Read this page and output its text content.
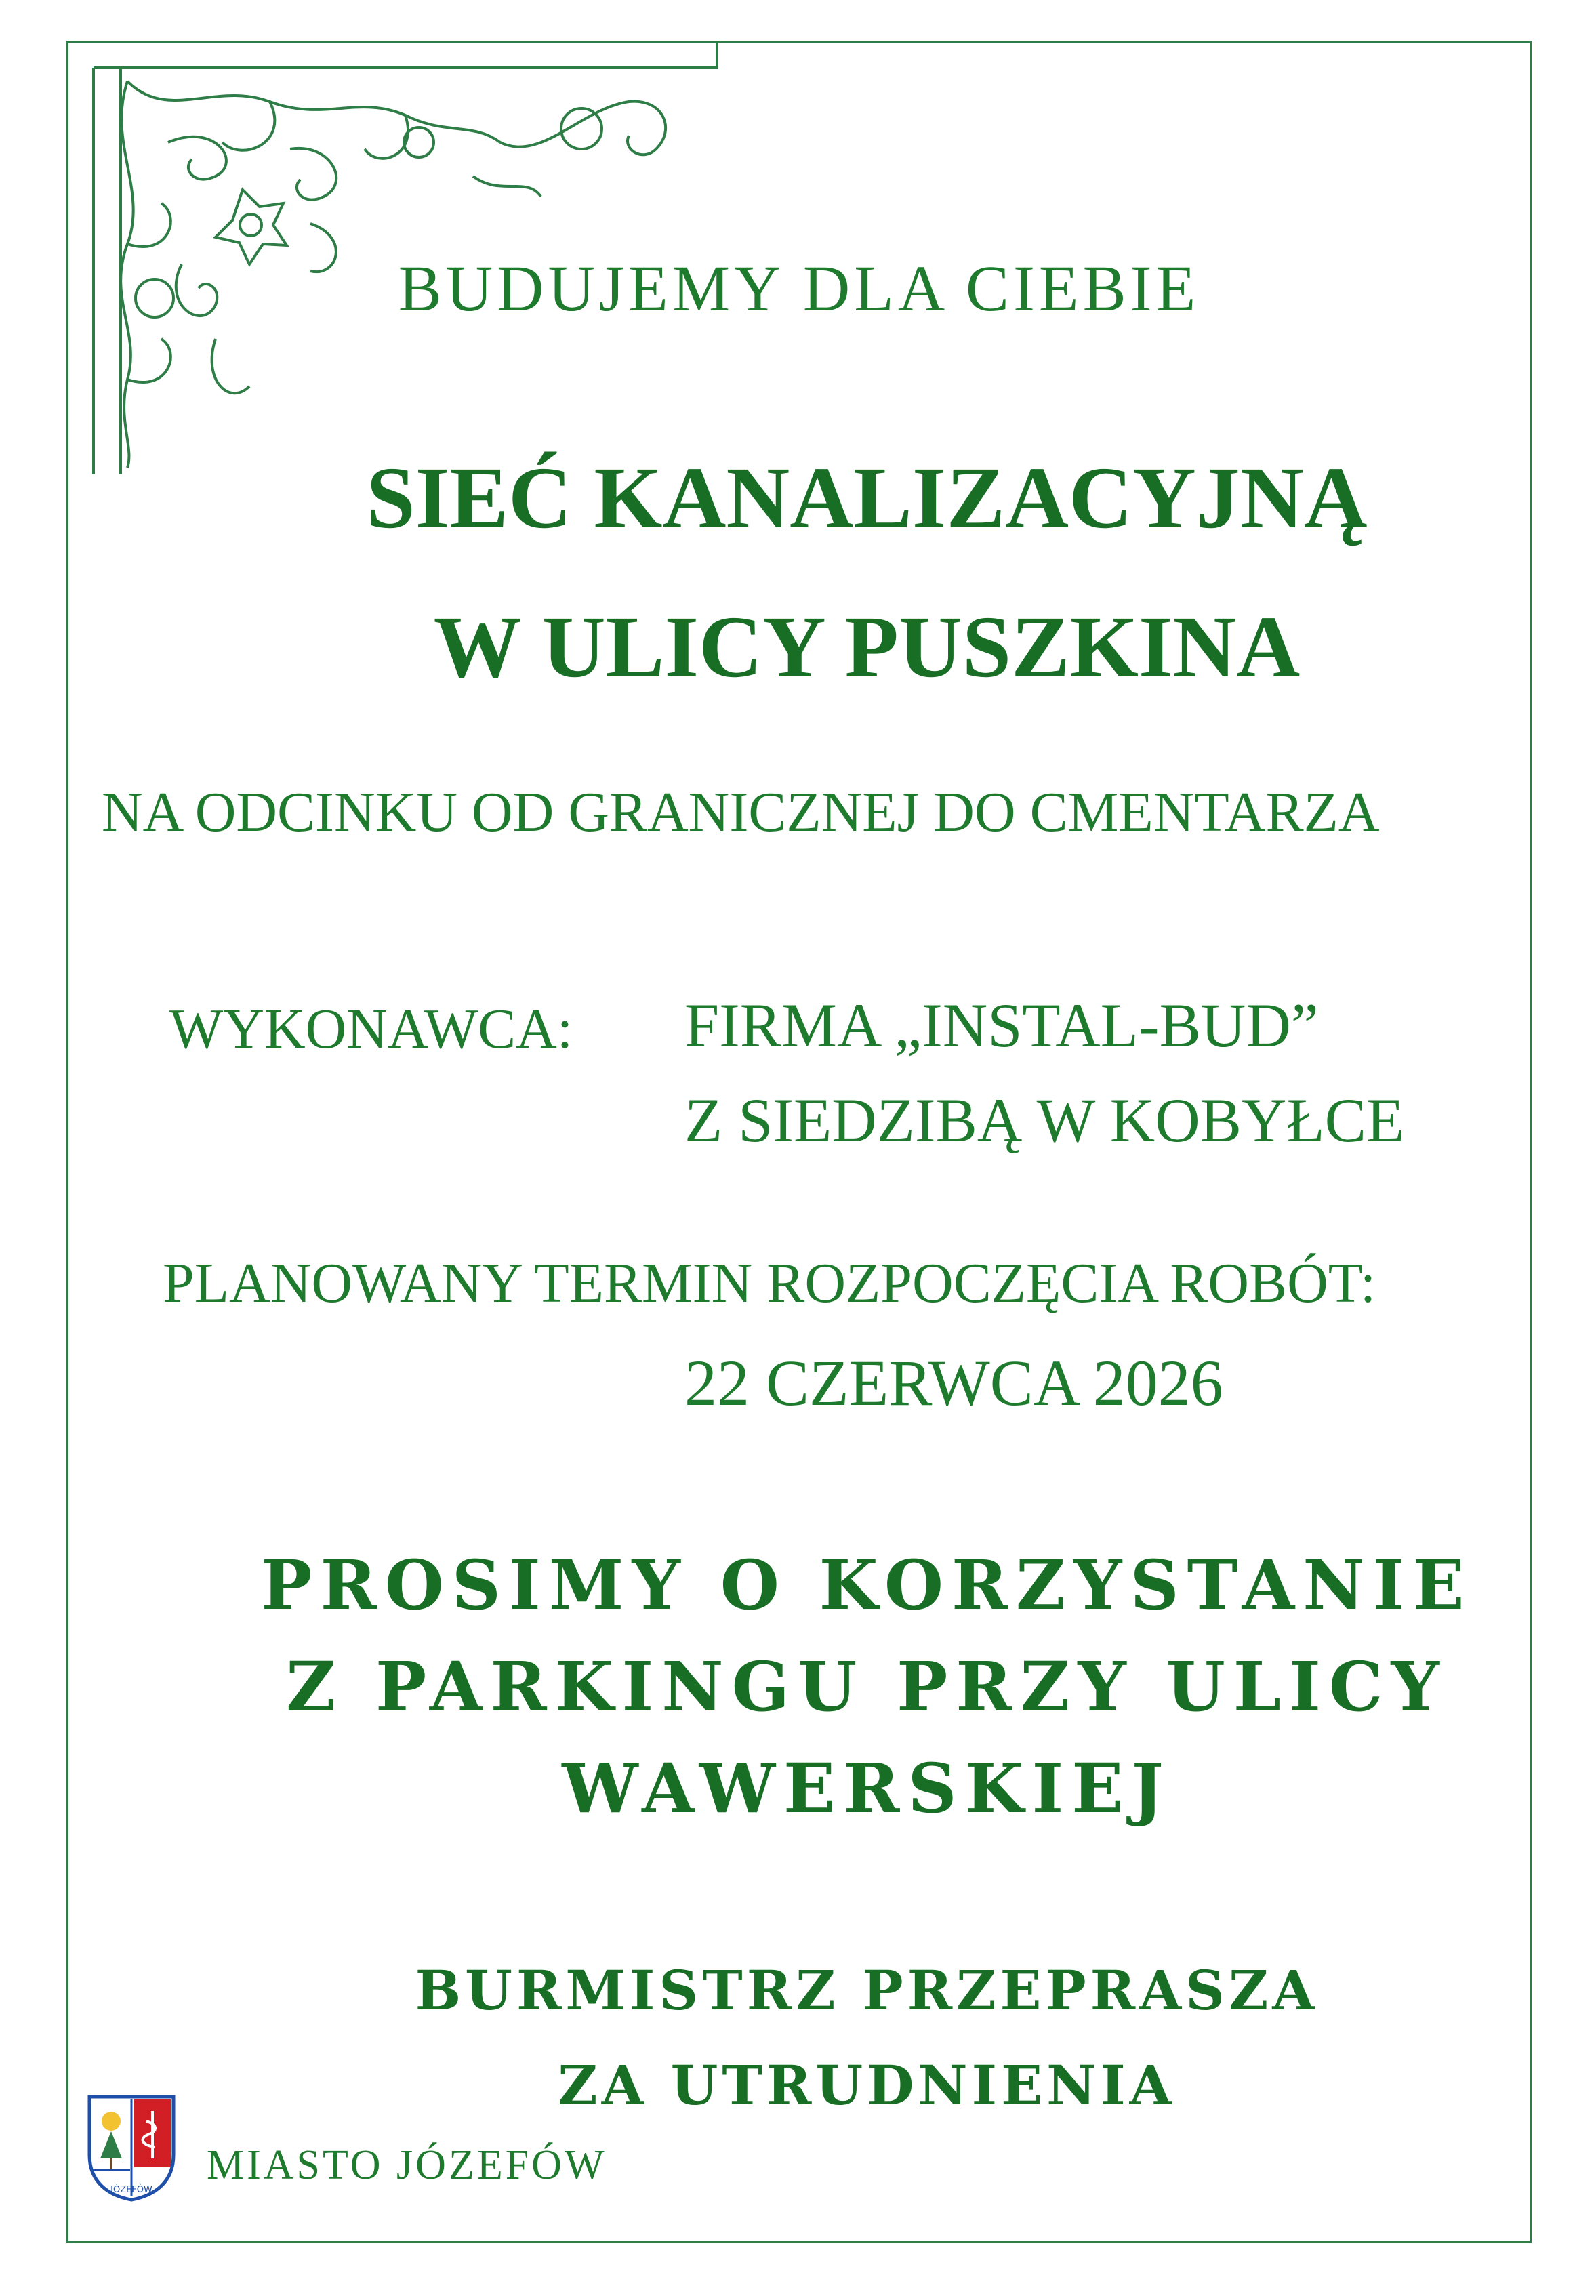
BUDUJEMY DLA CIEBIE
SIEĆ KANALIZACYJNĄ
W ULICY PUSZKINA
NA ODCINKU OD GRANICZNEJ DO CMENTARZA
WYKONAWCA: FIRMA „INSTAL-BUD”
Z SIEDZIBĄ W KOBYŁCE
PLANOWANY TERMIN ROZPOCZĘCIA ROBÓT:
22 CZERWCA 2026
PROSIMY O KORZYSTANIE
Z PARKINGU PRZY ULICY
WAWERSKIEJ
BURMISTRZ PRZEPRASZA
ZA UTRUDNIENIA
JÓZEFÓW
MIASTO JÓZEFÓW
